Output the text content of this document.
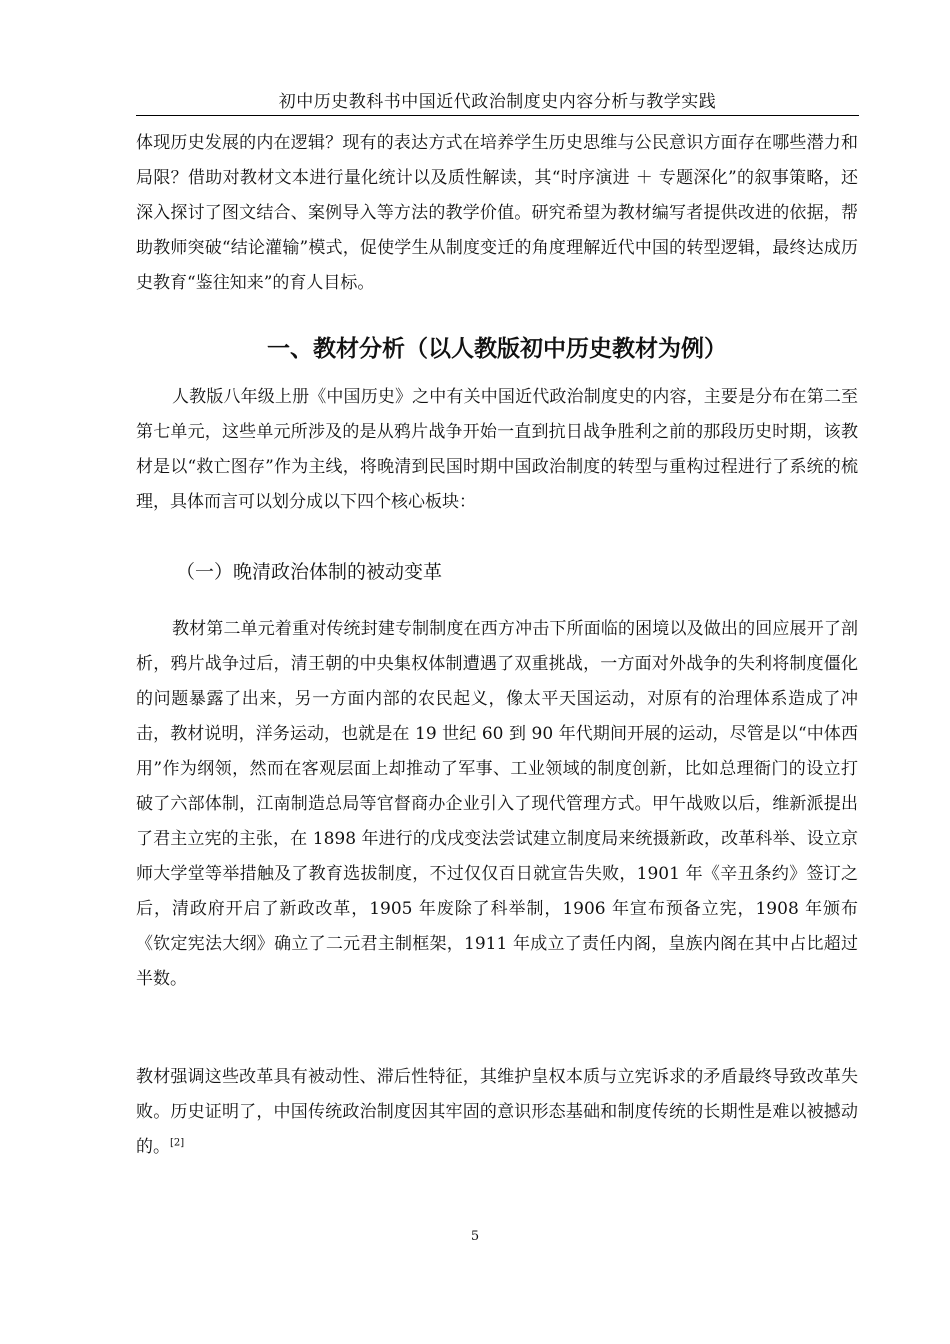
初中历史教科书中国近代政治制度史内容分析与教学实践

体现历史发展的内在逻辑？现有的表达方式在培养学生历史思维与公民意识方面存在哪些潜力和局限？借助对教材文本进行量化统计以及质性解读，其“时序演进 ＋ 专题深化”的叙事策略，还深入探讨了图文结合、案例导入等方法的教学价值。研究希望为教材编写者提供改进的依据，帮助教师突破“结论灌输”模式，促使学生从制度变迁的角度理解近代中国的转型逻辑，最终达成历史教育“鉴往知来”的育人目标。

一、教材分析（以人教版初中历史教材为例）

人教版八年级上册《中国历史》之中有关中国近代政治制度史的内容，主要是分布在第二至第七单元，这些单元所涉及的是从鸦片战争开始一直到抗日战争胜利之前的那段历史时期，该教材是以“救亡图存”作为主线，将晚清到民国时期中国政治制度的转型与重构过程进行了系统的梳理，具体而言可以划分成以下四个核心板块：

（一）晚清政治体制的被动变革

教材第二单元着重对传统封建专制制度在西方冲击下所面临的困境以及做出的回应展开了剖析，鸦片战争过后，清王朝的中央集权体制遭遇了双重挑战，一方面对外战争的失利将制度僵化的问题暴露了出来，另一方面内部的农民起义，像太平天国运动，对原有的治理体系造成了冲击，教材说明，洋务运动，也就是在 19 世纪 60 到 90 年代期间开展的运动，尽管是以“中体西用”作为纲领，然而在客观层面上却推动了军事、工业领域的制度创新，比如总理衙门的设立打破了六部体制，江南制造总局等官督商办企业引入了现代管理方式。甲午战败以后，维新派提出了君主立宪的主张，在 1898 年进行的戊戌变法尝试建立制度局来统摄新政，改革科举、设立京师大学堂等举措触及了教育选拔制度，不过仅仅百日就宣告失败，1901 年《辛丑条约》签订之后，清政府开启了新政改革，1905 年废除了科举制，1906 年宣布预备立宪，1908 年颁布《钦定宪法大纲》确立了二元君主制框架，1911 年成立了责任内阁，皇族内阁在其中占比超过半数。

教材强调这些改革具有被动性、滞后性特征，其维护皇权本质与立宪诉求的矛盾最终导致改革失败。历史证明了，中国传统政治制度因其牢固的意识形态基础和制度传统的长期性是难以被撼动的。[2]

5
